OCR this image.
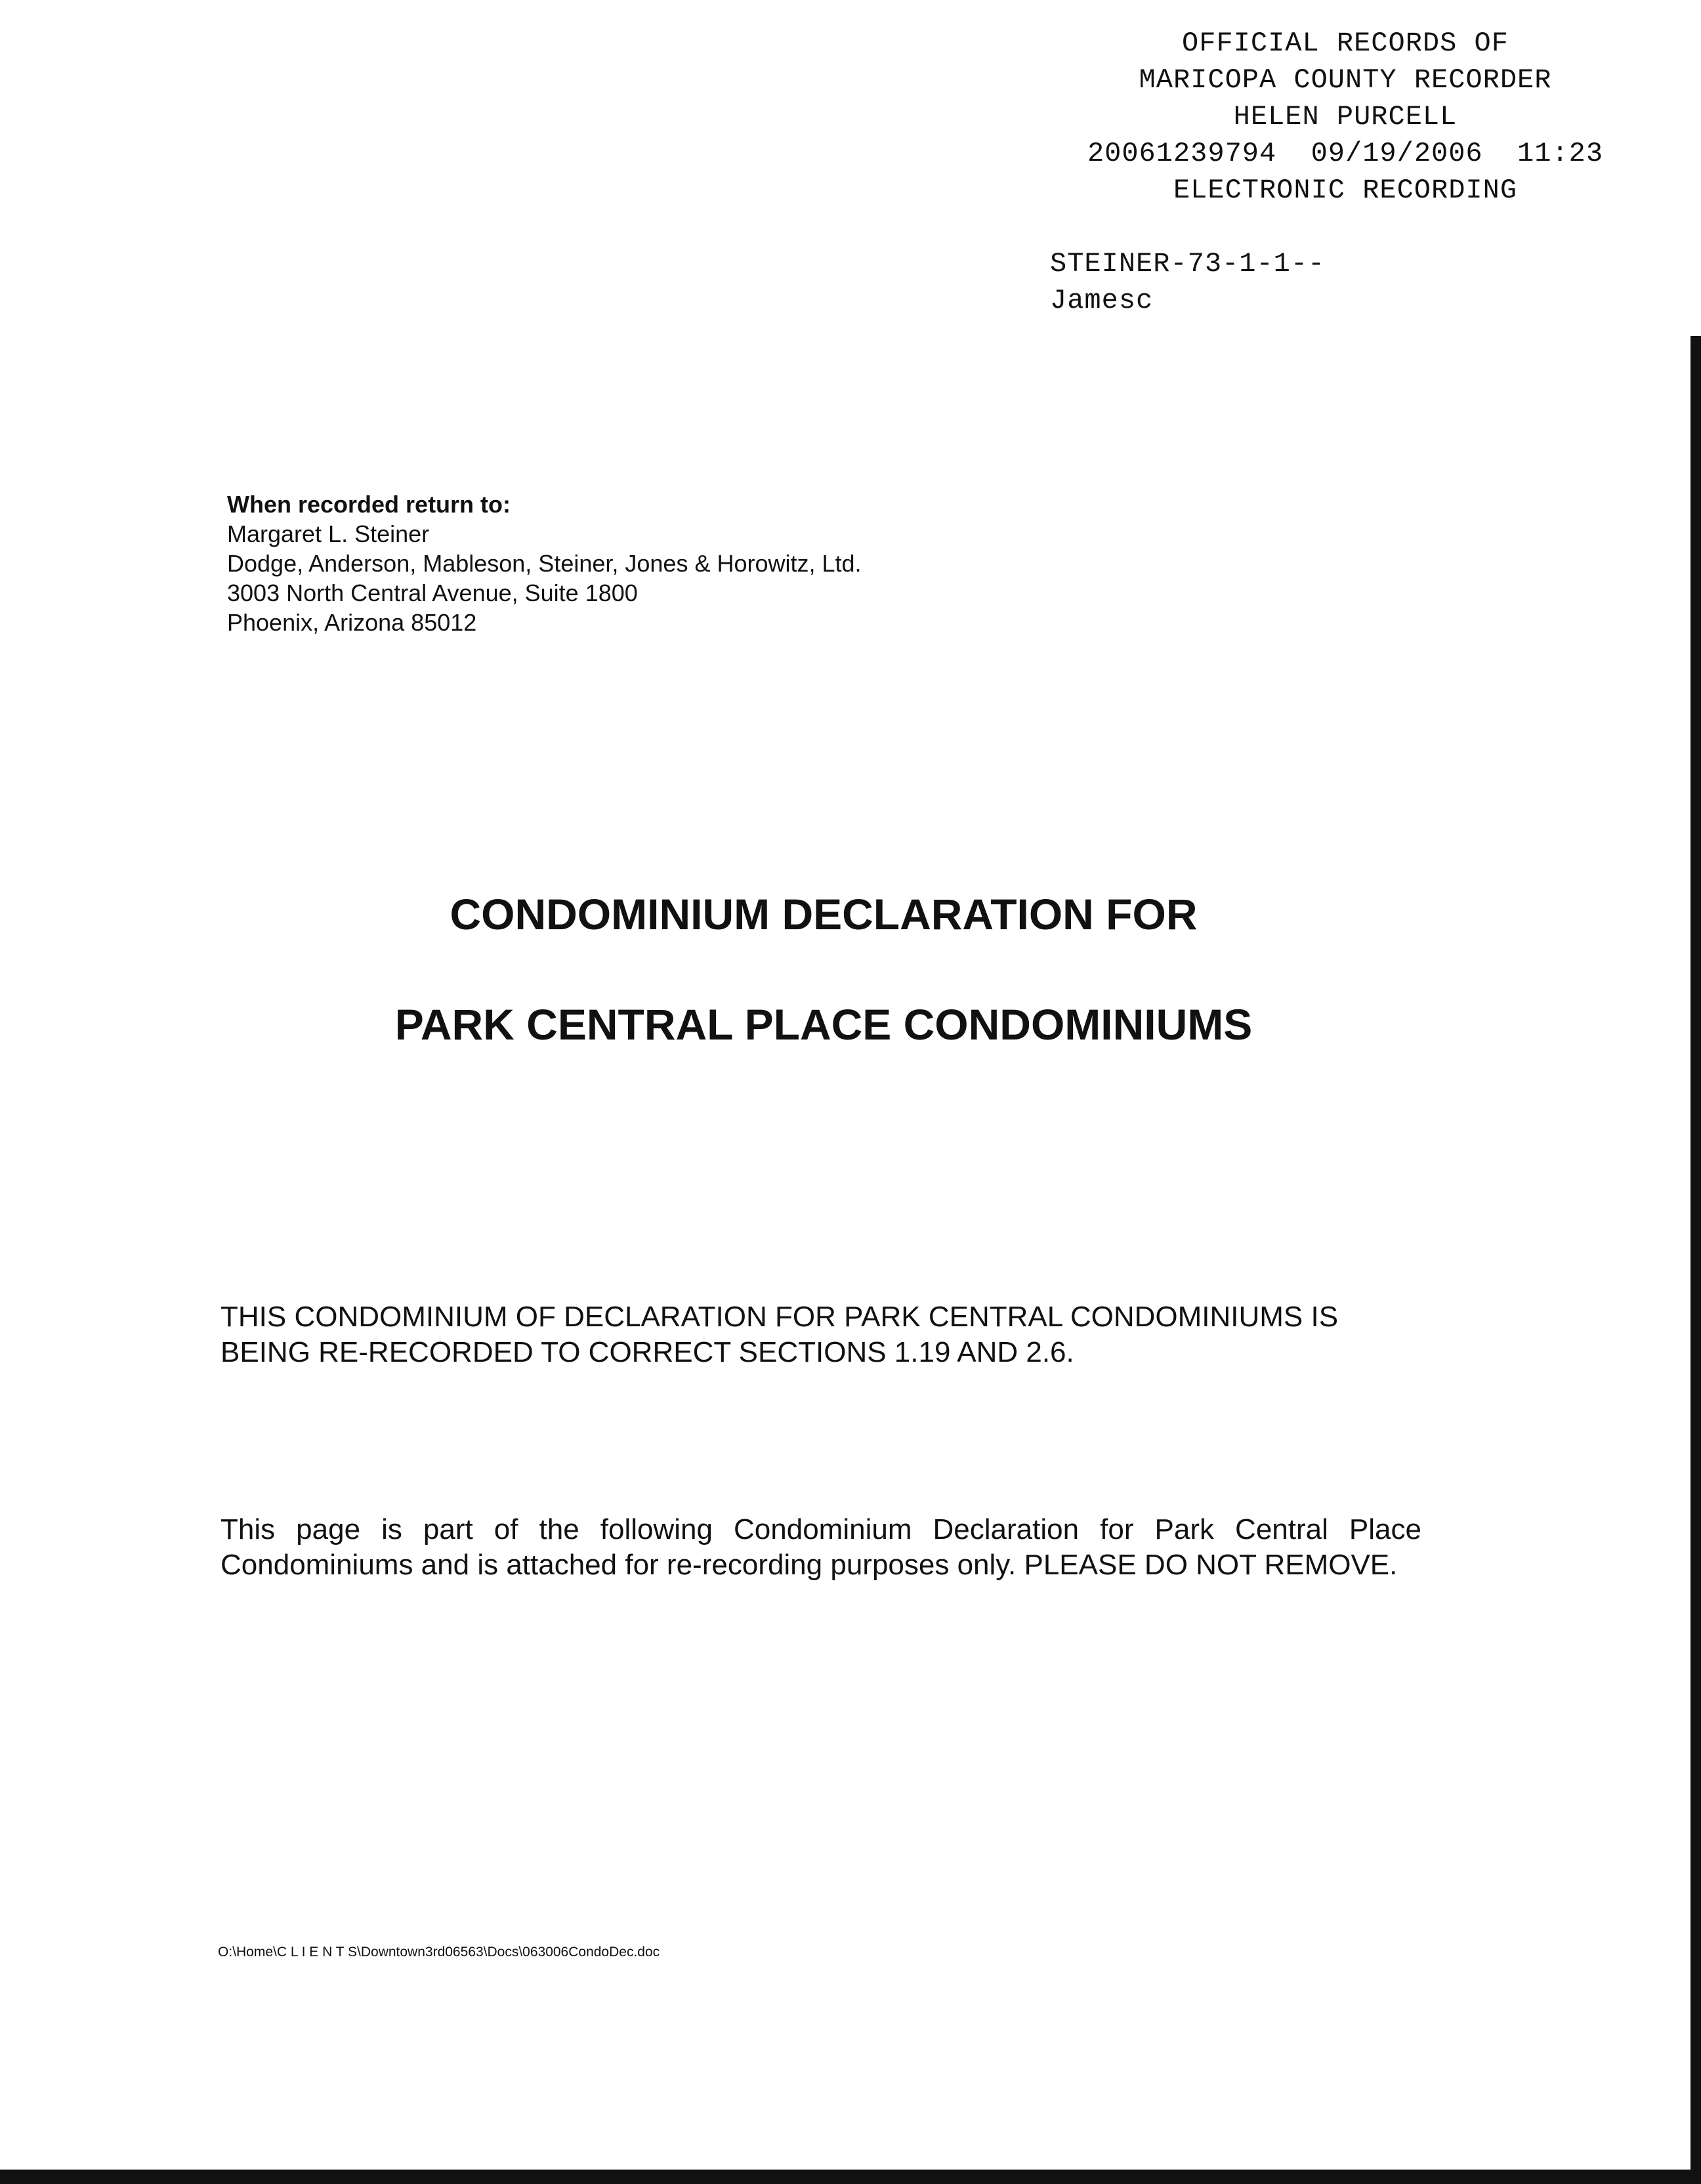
OFFICIAL RECORDS OF
MARICOPA COUNTY RECORDER
HELEN PURCELL
20061239794  09/19/2006  11:23
ELECTRONIC RECORDING
STEINER-73-1-1--
Jamesc
When recorded return to:
Margaret L. Steiner
Dodge, Anderson, Mableson, Steiner, Jones & Horowitz, Ltd.
3003 North Central Avenue, Suite 1800
Phoenix, Arizona 85012
CONDOMINIUM DECLARATION FOR
PARK CENTRAL PLACE CONDOMINIUMS
THIS CONDOMINIUM OF DECLARATION FOR PARK CENTRAL CONDOMINIUMS IS BEING RE-RECORDED TO CORRECT SECTIONS 1.19 AND 2.6.
This page is part of the following Condominium Declaration for Park Central Place Condominiums and is attached for re-recording purposes only. PLEASE DO NOT REMOVE.
O:\Home\C L I E N T S\Downtown3rd06563\Docs\063006CondoDec.doc
